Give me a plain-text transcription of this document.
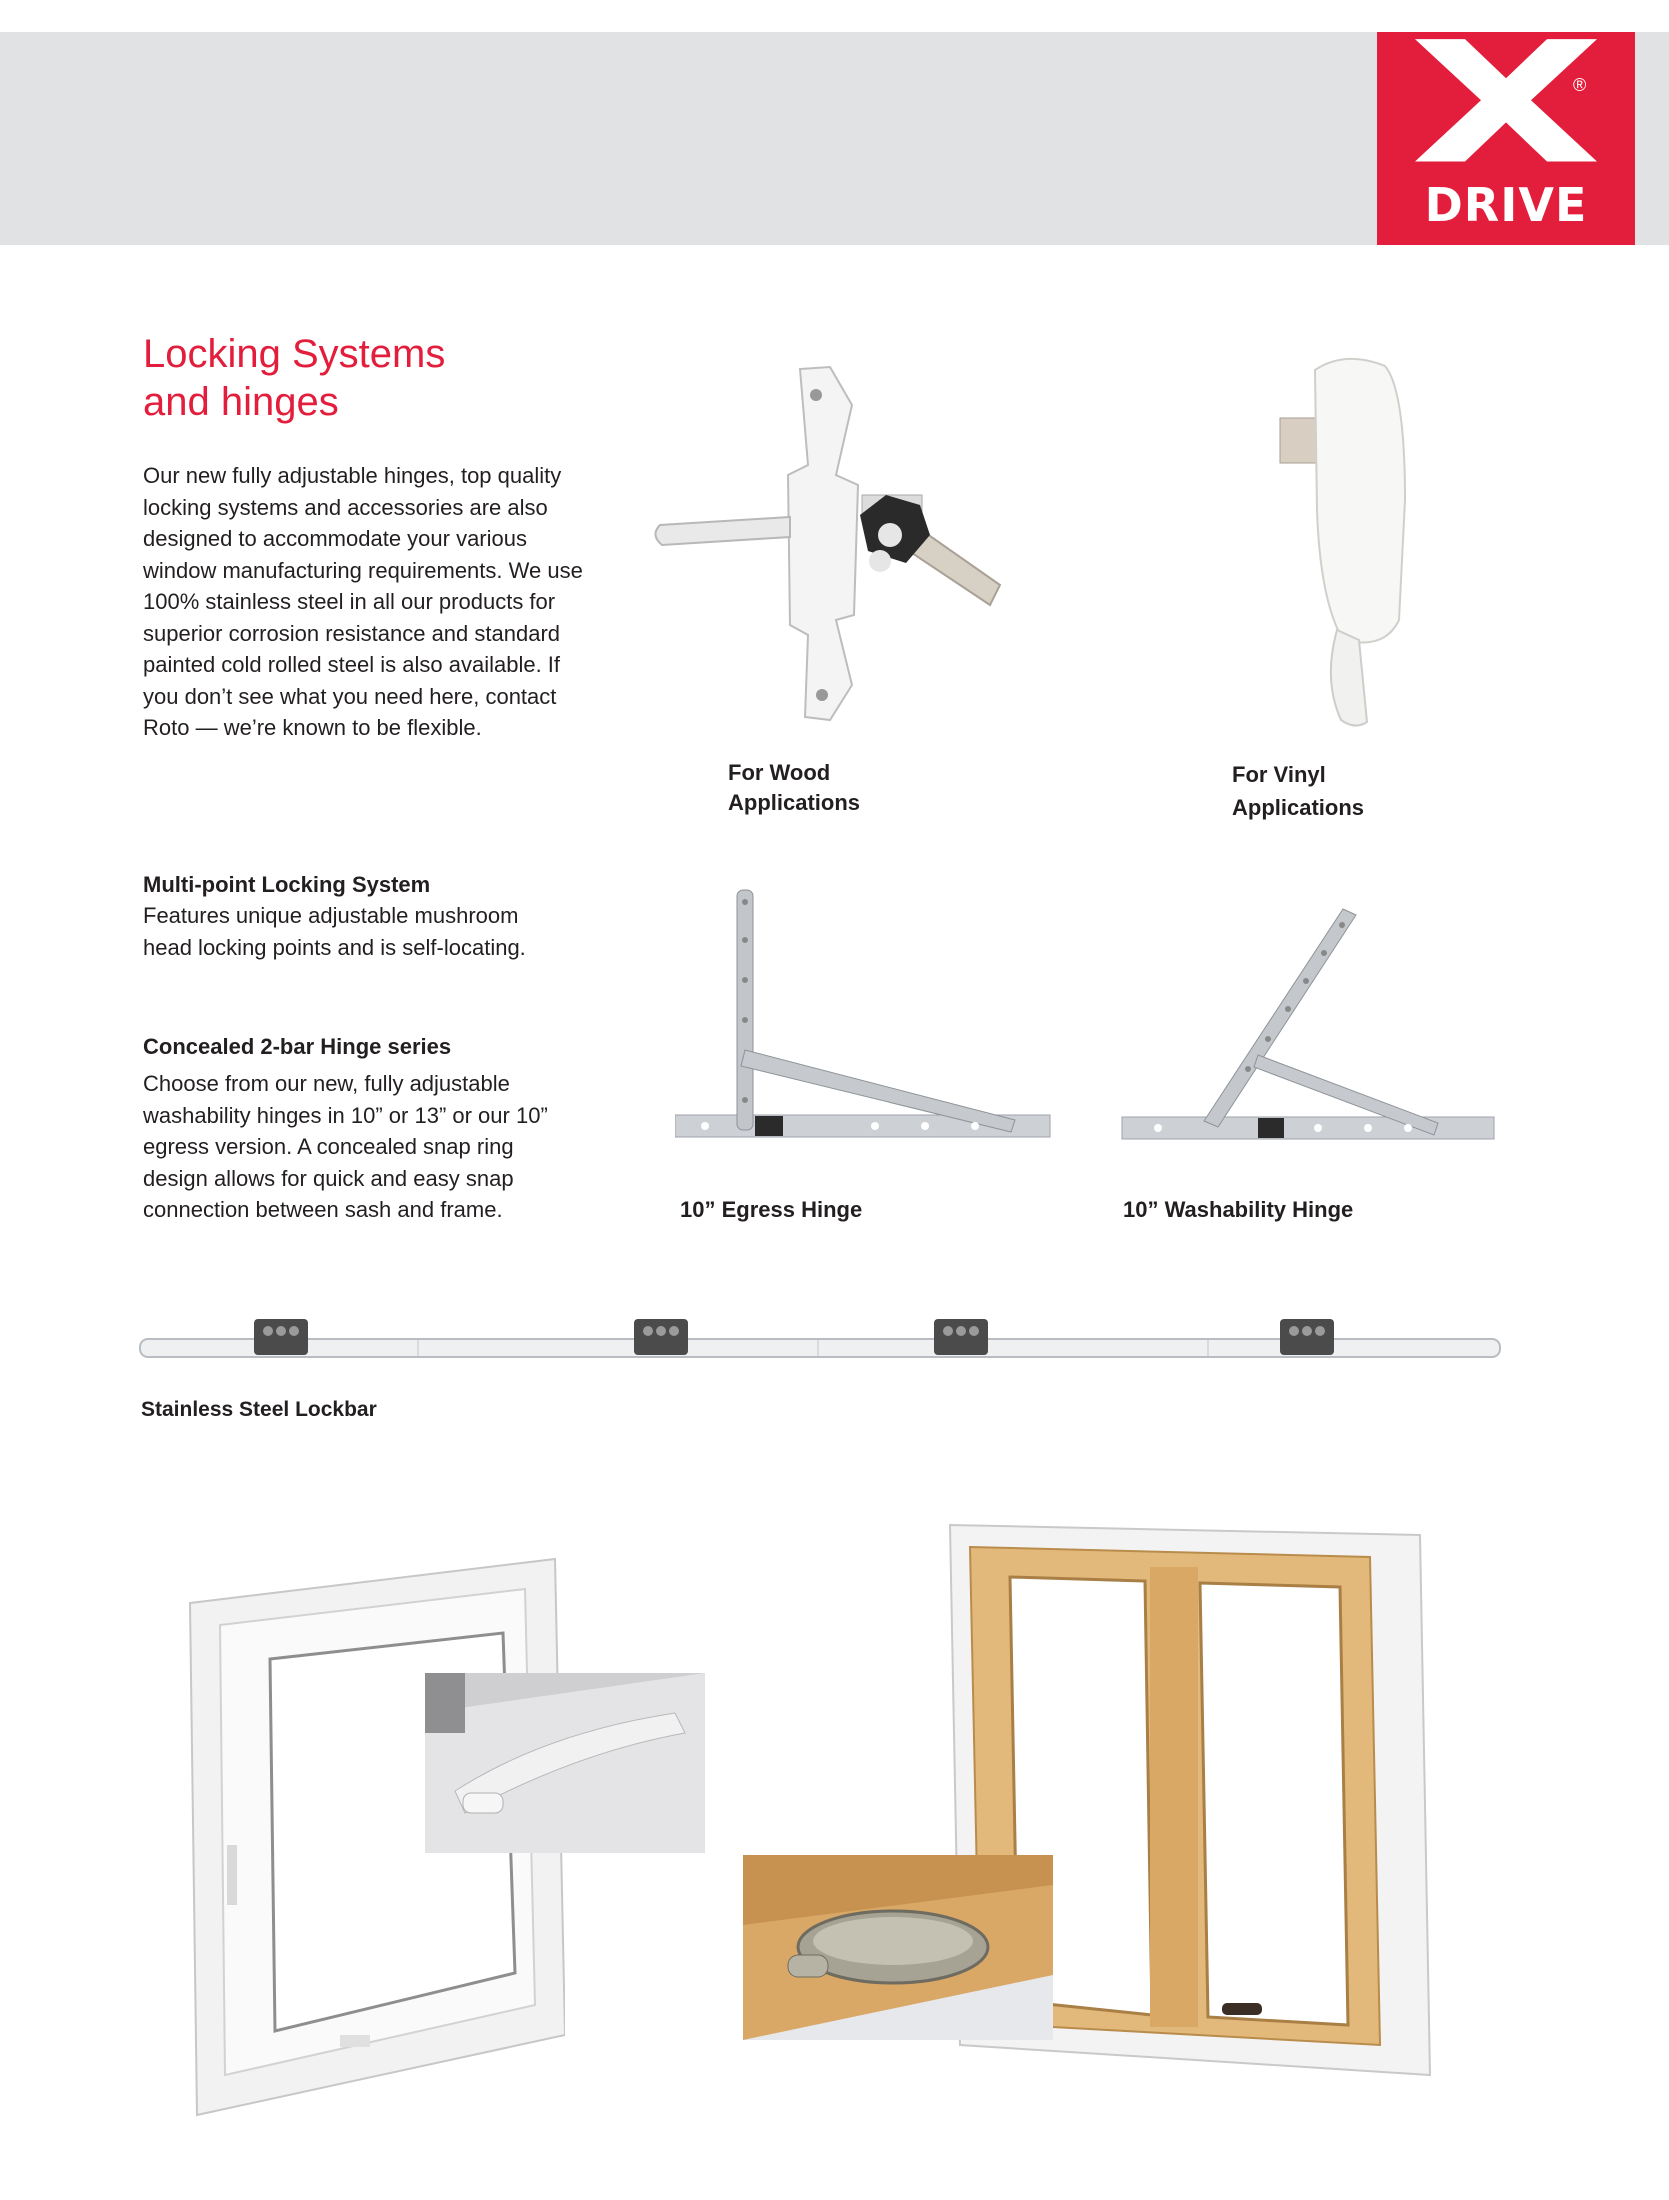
®
DRIVE
Locking Systems
and hinges

Our new fully adjustable hinges, top quality locking systems and accessories are also designed to accommodate your various window manufacturing requirements. We use 100% stainless steel in all our products for superior corrosion resistance and standard painted cold rolled steel is also available. If you don’t see what you need here, contact Roto — we’re known to be flexible.

Multi-point Locking System

Features unique adjustable mushroom head locking points and is self-locating.

Concealed 2-bar Hinge series

Choose from our new, fully adjustable washability hinges in 10” or 13” or our 10” egress version. A concealed snap ring design allows for quick and easy snap connection between sash and frame.

For Wood
Applications
For Vinyl
Applications
10” Egress Hinge	10” Washability Hinge
Stainless Steel Lockbar
